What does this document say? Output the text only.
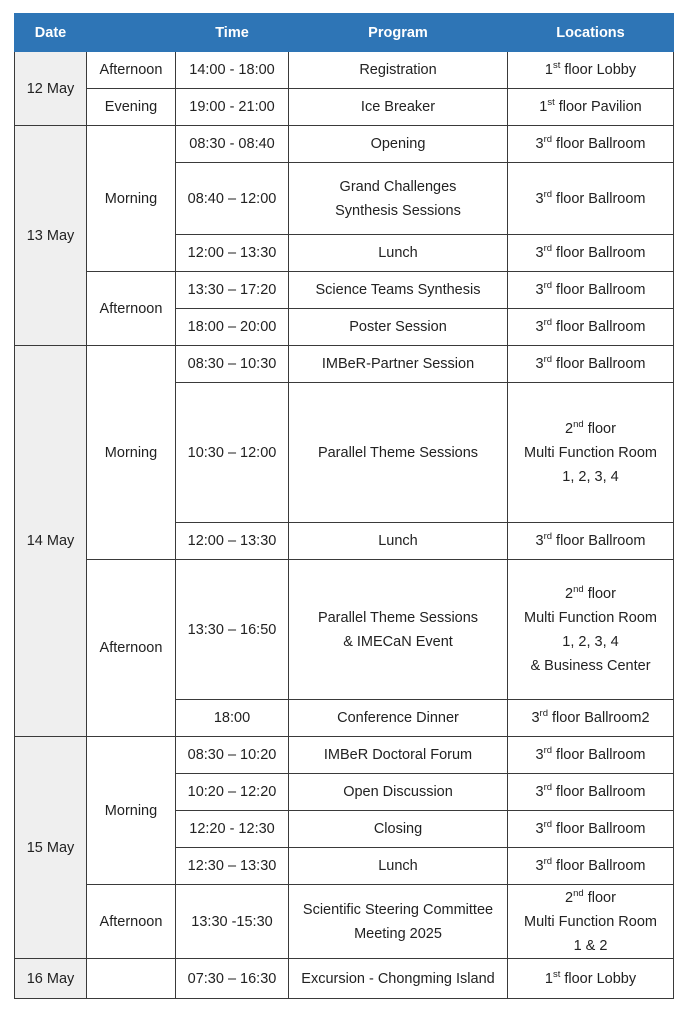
Date		Time	Program	Locations
12 May	Afternoon	14:00 - 18:00	Registration	1st floor Lobby

	Evening	19:00 - 21:00	Ice Breaker	1st floor Pavilion

13 May	Morning	08:30 - 08:40	Opening	3rd floor Ballroom

		08:40 – 12:00	Grand Challenges
Synthesis Sessions	3rd floor Ballroom

		12:00 – 13:30	Lunch	3rd floor Ballroom

	Afternoon	13:30 – 17:20	Science Teams Synthesis	3rd floor Ballroom

		18:00 – 20:00	Poster Session	3rd floor Ballroom

14 May	Morning	08:30 – 10:30	IMBeR-Partner Session	3rd floor Ballroom

		10:30 – 12:00	Parallel Theme Sessions	2nd floor
Multi Function Room
1, 2, 3, 4

		12:00 – 13:30	Lunch	3rd floor Ballroom

	Afternoon	13:30 – 16:50	Parallel Theme Sessions
& IMECaN Event	2nd floor
Multi Function Room
1, 2, 3, 4
& Business Center

		18:00	Conference Dinner	3rd floor Ballroom2

15 May	Morning	08:30 – 10:20	IMBeR Doctoral Forum	3rd floor Ballroom

		10:20 – 12:20	Open Discussion	3rd floor Ballroom

		12:20 - 12:30	Closing	3rd floor Ballroom

		12:30 – 13:30	Lunch	3rd floor Ballroom

	Afternoon	13:30 -15:30	Scientific Steering Committee
Meeting 2025	2nd floor
Multi Function Room
1 & 2

16 May		07:30 – 16:30	Excursion - Chongming Island	1st floor Lobby
